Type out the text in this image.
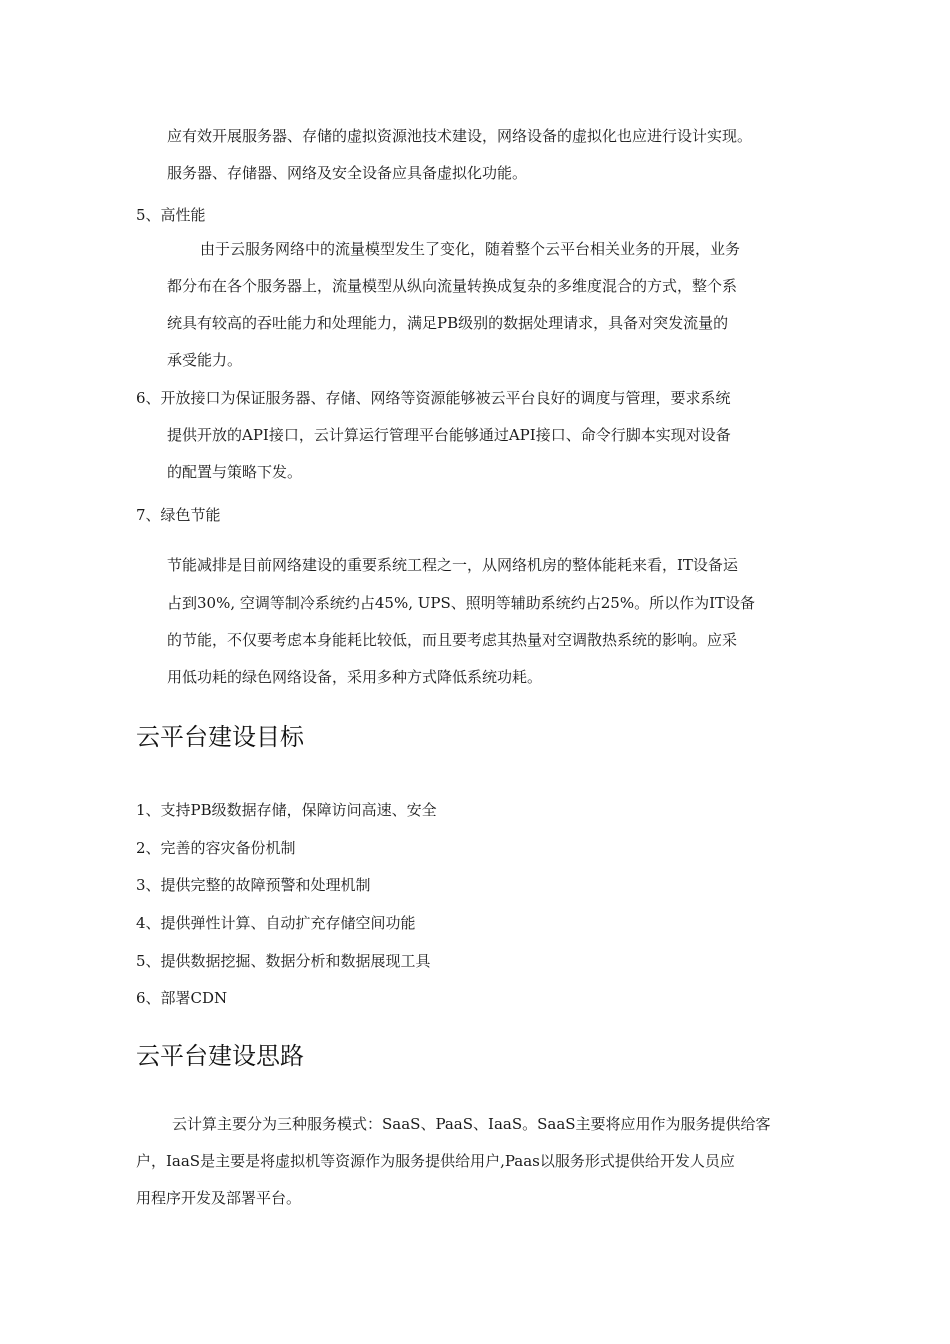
应有效开展服务器、存储的虚拟资源池技术建设，网络设备的虚拟化也应进行设计实现。
服务器、存储器、网络及安全设备应具备虚拟化功能。
5、高性能
由于云服务网络中的流量模型发生了变化，随着整个云平台相关业务的开展，业务
都分布在各个服务器上，流量模型从纵向流量转换成复杂的多维度混合的方式，整个系
统具有较高的吞吐能力和处理能力，满足PB级别的数据处理请求，具备对突发流量的
承受能力。
6、开放接口为保证服务器、存储、网络等资源能够被云平台良好的调度与管理，要求系统
提供开放的API接口，云计算运行管理平台能够通过API接口、命令行脚本实现对设备
的配置与策略下发。
7、绿色节能
节能减排是目前网络建设的重要系统工程之一，从网络机房的整体能耗来看，IT设备运
占到30%, 空调等制冷系统约占45%, UPS、照明等辅助系统约占25%。所以作为IT设备
的节能，不仅要考虑本身能耗比较低，而且要考虑其热量对空调散热系统的影响。应采
用低功耗的绿色网络设备，采用多种方式降低系统功耗。
云平台建设目标
1、支持PB级数据存储，保障访问高速、安全
2、完善的容灾备份机制
3、提供完整的故障预警和处理机制
4、提供弹性计算、自动扩充存储空间功能
5、提供数据挖掘、数据分析和数据展现工具
6、部署CDN
云平台建设思路
云计算主要分为三种服务模式：SaaS、PaaS、IaaS。SaaS主要将应用作为服务提供给客
户，IaaS是主要是将虚拟机等资源作为服务提供给用户,Paas以服务形式提供给开发人员应
用程序开发及部署平台。
